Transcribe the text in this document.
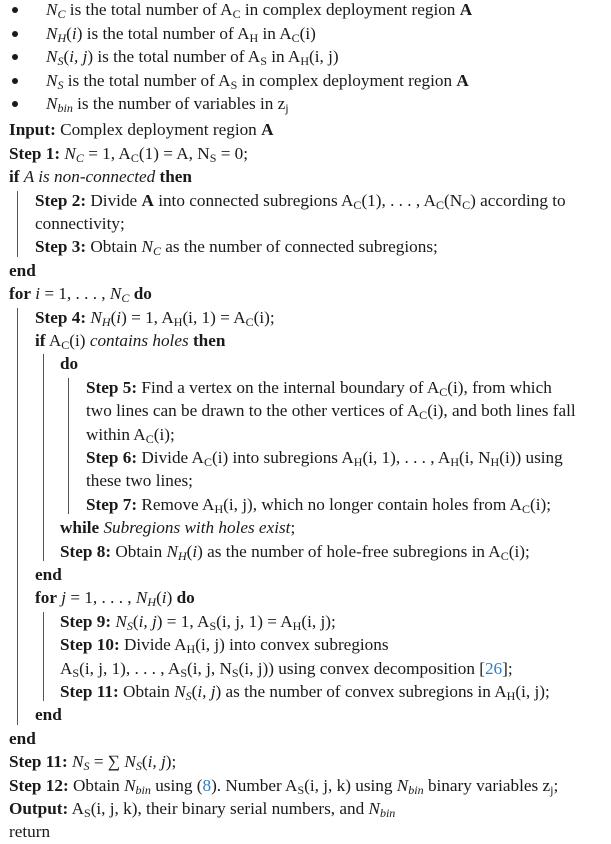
$N_C$ is the total number of $A_C$ in complex deployment region A
$N_H(i)$ is the total number of $A_H$ in $A_C(i)$
$N_S(i$, j) is the total number of $A_S$ in $A_H(i$, j)
$N_S$ is the total number of $A_S$ in complex deployment region A
$N_{bin}$ is the number of variables in $z_j$
Input: Complex deployment region A
Step 1: $N_C = 1$, $A_C(1) = A$, $N_S = 0$;
if A is non-connected then
Step 2: Divide A into connected subregions $A_C(1)$, . . . , $A_C(N_C)$ according to
connectivity;
Step 3: Obtain $N_C$ as the number of connected subregions;
end
for i = 1, . . . , $N_C$ do
Step 4: $N_H(i) = 1$, $A_H(i$, $1) = A_C(i)$;
if $A_C(i)$ contains holes then
do
Step 5: Find a vertex on the internal boundary of $A_C(i)$, from which
two lines can be drawn to the other vertices of $A_C(i)$, and both lines fall
within $A_C(i)$;
Step 6: Divide $A_C(i)$ into subregions $A_H(i$, 1), . . . , $A_H(i$, $N_H(i)$) using
these two lines;
Step 7: Remove $A_H(i$, j), which no longer contain holes from $A_C(i)$;
while Subregions with holes exist;
Step 8: Obtain $N_H(i)$ as the number of hole-free subregions in $A_C(i)$;
end
for j = 1, . . . , $N_H(i)$ do
Step 9: $N_S(i$, j) = 1, $A_S(i$, j, $1) = A_H(i$, j);
Step 10: Divide $A_H(i$, j) into convex subregions
$A_S(i$, j, 1), . . . , $A_S(i$, j, $N_S(i$, j)) using convex decomposition [26];
Step 11: Obtain $N_S(i$, j) as the number of convex subregions in $A_H(i$, j);
end
end
Step 11: $N_S$ = ∑ $N_S(i$, j);
Step 12: Obtain $N_{bin}$ using (8). Number $A_S(i$, j, k) using $N_{bin}$ binary variables $z_j$;
Output: $A_S(i$, j, k), their binary serial numbers, and $N_{bin}$
return
